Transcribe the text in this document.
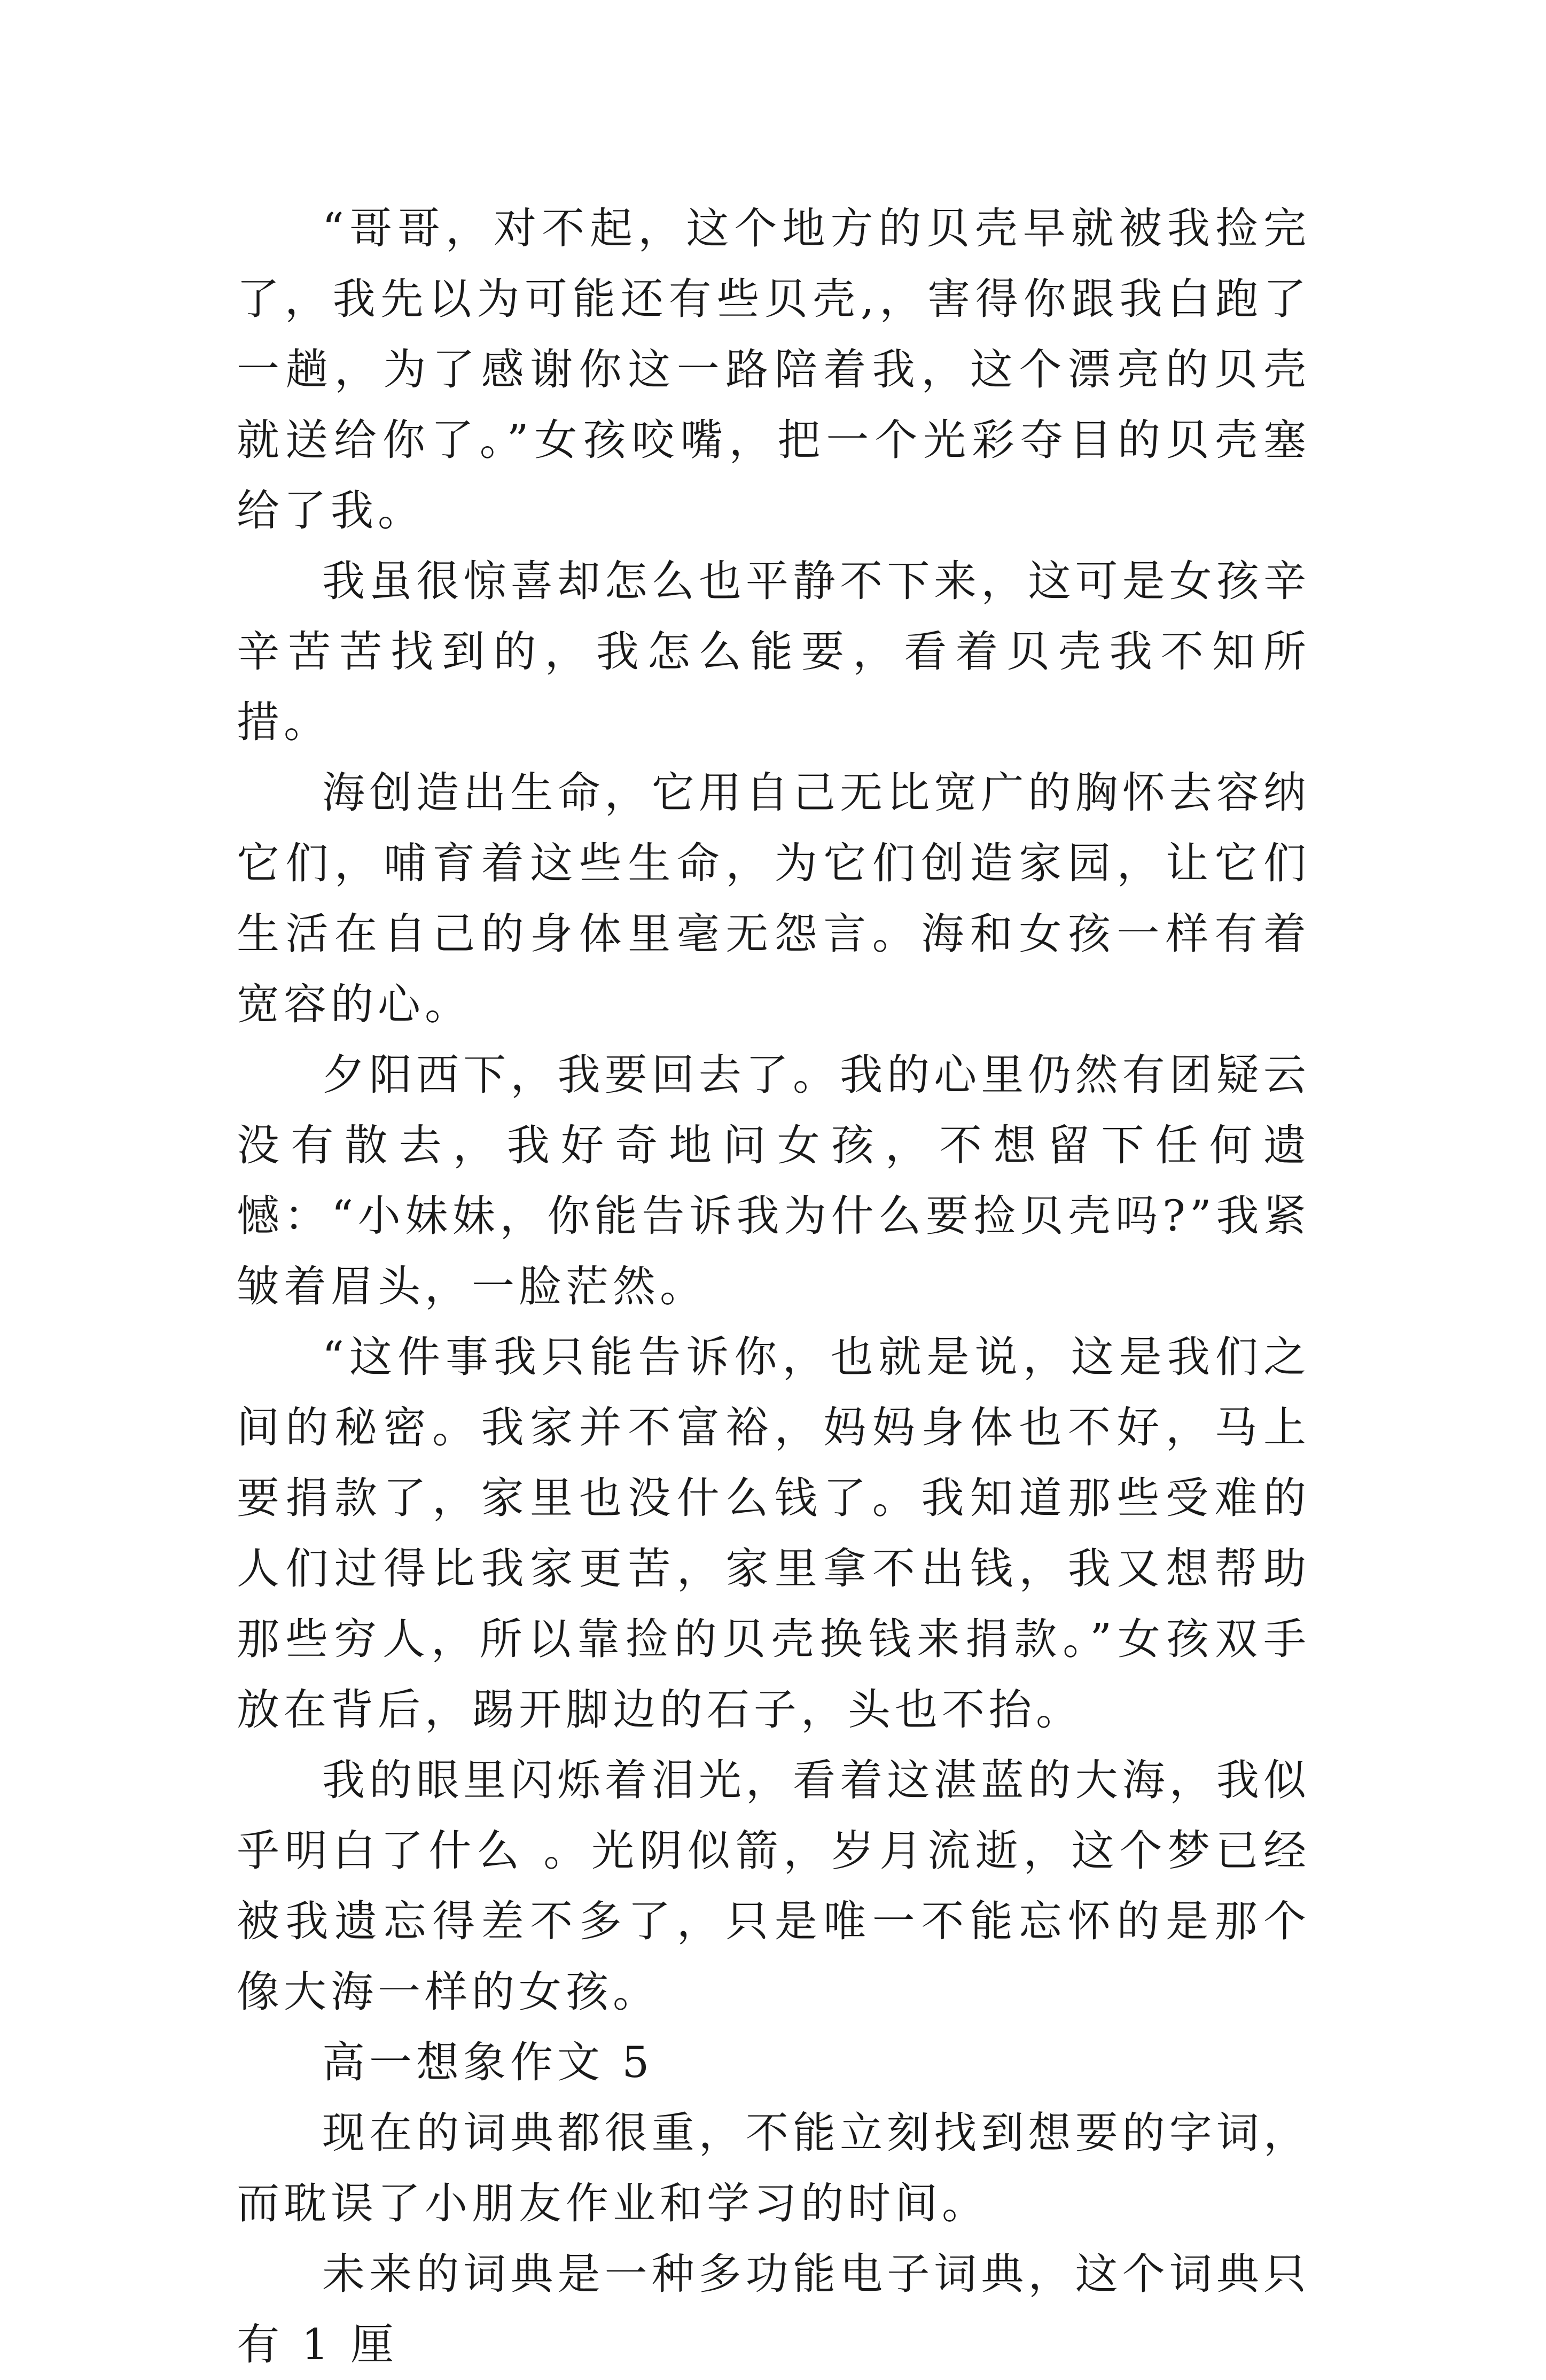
“哥哥，对不起，这个地方的贝壳早就被我捡完了，我先以为可能还有些贝壳,，害得你跟我白跑了一趟，为了感谢你这一路陪着我，这个漂亮的贝壳就送给你了。”女孩咬嘴，把一个光彩夺目的贝壳塞给了我。

我虽很惊喜却怎么也平静不下来，这可是女孩辛辛苦苦找到的，我怎么能要，看着贝壳我不知所措。

海创造出生命，它用自己无比宽广的胸怀去容纳它们，哺育着这些生命，为它们创造家园，让它们生活在自己的身体里毫无怨言。海和女孩一样有着宽容的心。

夕阳西下，我要回去了。我的心里仍然有团疑云没有散去，我好奇地问女孩，不想留下任何遗憾：“小妹妹，你能告诉我为什么要捡贝壳吗?”我紧皱着眉头，一脸茫然。

“这件事我只能告诉你，也就是说，这是我们之间的秘密。我家并不富裕，妈妈身体也不好，马上要捐款了，家里也没什么钱了。我知道那些受难的人们过得比我家更苦，家里拿不出钱，我又想帮助那些穷人，所以靠捡的贝壳换钱来捐款。”女孩双手放在背后，踢开脚边的石子，头也不抬。

我的眼里闪烁着泪光，看着这湛蓝的大海，我似乎明白了什么 。光阴似箭，岁月流逝，这个梦已经被我遗忘得差不多了，只是唯一不能忘怀的是那个像大海一样的女孩。

高一想象作文 5

现在的词典都很重，不能立刻找到想要的字词，而耽误了小朋友作业和学习的时间。

未来的词典是一种多功能电子词典，这个词典只有 1 厘
